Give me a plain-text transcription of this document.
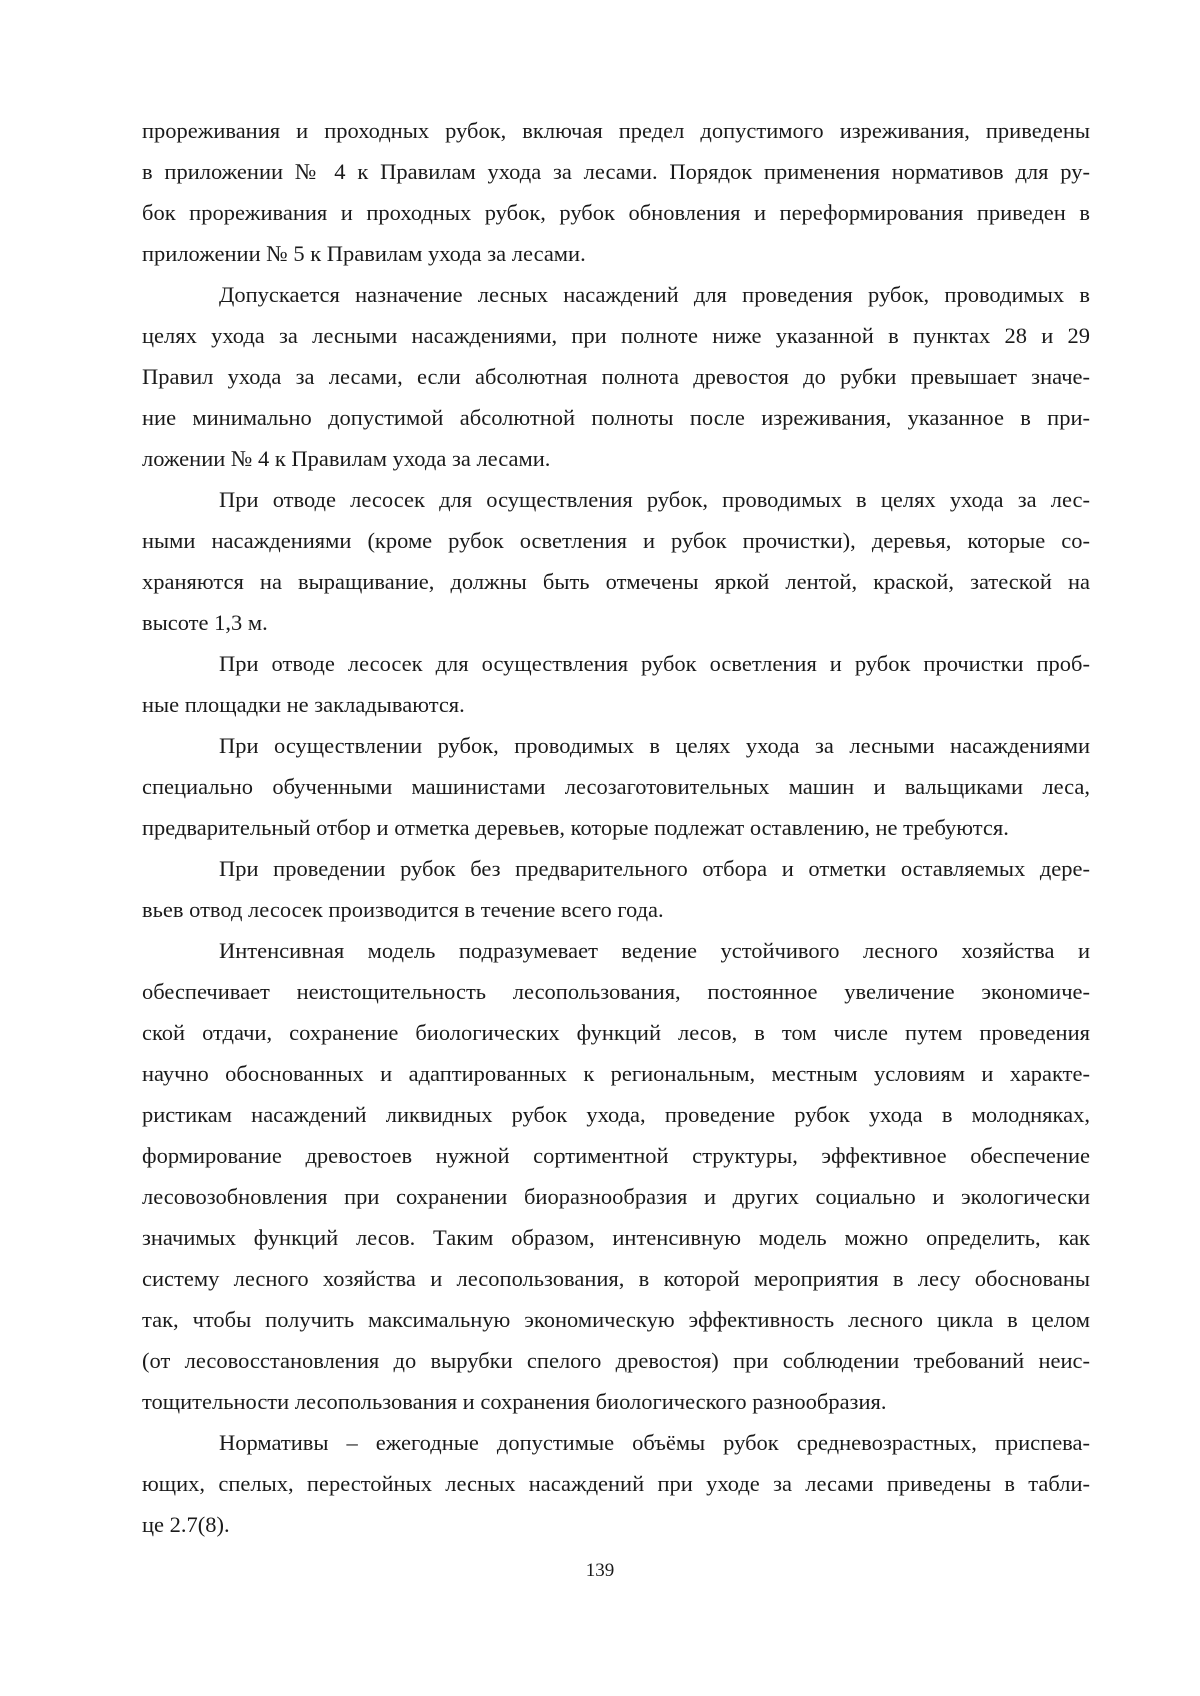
прореживания и проходных рубок, включая предел допустимого изреживания, приведены
в приложении № 4 к Правилам ухода за лесами. Порядок применения нормативов для ру-
бок прореживания и проходных рубок, рубок обновления и переформирования приведен в
приложении № 5 к Правилам ухода за лесами.

Допускается назначение лесных насаждений для проведения рубок, проводимых в
целях ухода за лесными насаждениями, при полноте ниже указанной в пунктах 28 и 29
Правил ухода за лесами, если абсолютная полнота древостоя до рубки превышает значе-
ние минимально допустимой абсолютной полноты после изреживания, указанное в при-
ложении № 4 к Правилам ухода за лесами.

При отводе лесосек для осуществления рубок, проводимых в целях ухода за лес-
ными насаждениями (кроме рубок осветления и рубок прочистки), деревья, которые со-
храняются на выращивание, должны быть отмечены яркой лентой, краской, затеской на
высоте 1,3 м.

При отводе лесосек для осуществления рубок осветления и рубок прочистки проб-
ные площадки не закладываются.

При осуществлении рубок, проводимых в целях ухода за лесными насаждениями
специально обученными машинистами лесозаготовительных машин и вальщиками леса,
предварительный отбор и отметка деревьев, которые подлежат оставлению, не требуются.

При проведении рубок без предварительного отбора и отметки оставляемых дере-
вьев отвод лесосек производится в течение всего года.

Интенсивная модель подразумевает ведение устойчивого лесного хозяйства и
обеспечивает неистощительность лесопользования, постоянное увеличение экономиче-
ской отдачи, сохранение биологических функций лесов, в том числе путем проведения
научно обоснованных и адаптированных к региональным, местным условиям и характе-
ристикам насаждений ликвидных рубок ухода, проведение рубок ухода в молодняках,
формирование древостоев нужной сортиментной структуры, эффективное обеспечение
лесовозобновления при сохранении биоразнообразия и других социально и экологически
значимых функций лесов. Таким образом, интенсивную модель можно определить, как
систему лесного хозяйства и лесопользования, в которой мероприятия в лесу обоснованы
так, чтобы получить максимальную экономическую эффективность лесного цикла в целом
(от лесовосстановления до вырубки спелого древостоя) при соблюдении требований неис-
тощительности лесопользования и сохранения биологического разнообразия.

Нормативы – ежегодные допустимые объёмы рубок средневозрастных, приспева-
ющих, спелых, перестойных лесных насаждений при уходе за лесами приведены в табли-
це 2.7(8).

139
